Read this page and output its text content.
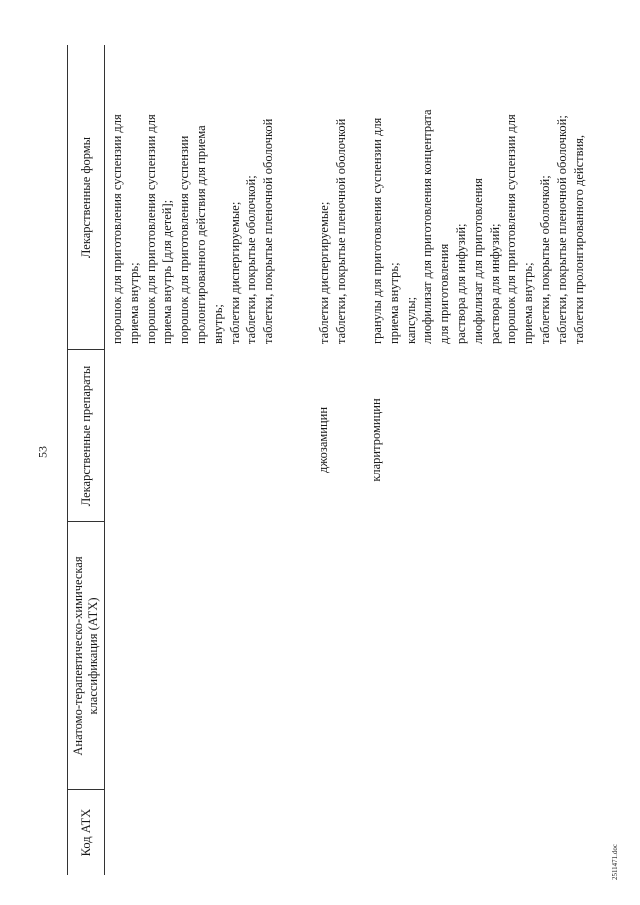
53
Код АТХ
Анатомо-терапевтическо-химическая классификация (АТХ)
Лекарственные препараты
Лекарственные формы	порошок для приготовления суспензии для приема внутрь; порошок для приготовления суспензии для приема внутрь [для детей]; порошок для приготовления суспензии пролонгированного действия для приема внутрь; таблетки диспергируемые; таблетки, покрытые оболочкой; таблетки, покрытые пленочной оболочкой
джозамицин
таблетки диспергируемые; таблетки, покрытые пленочной оболочкой
кларитромицин
гранулы для приготовления суспензии для приема внутрь; капсулы; лиофилизат для приготовления концентрата для приготовления раствора для инфузий; лиофилизат для приготовления раствора для инфузий; порошок для приготовления суспензии для приема внутрь; таблетки, покрытые оболочкой; таблетки, покрытые пленочной оболочкой; таблетки пролонгированного действия,
2511471.doc
